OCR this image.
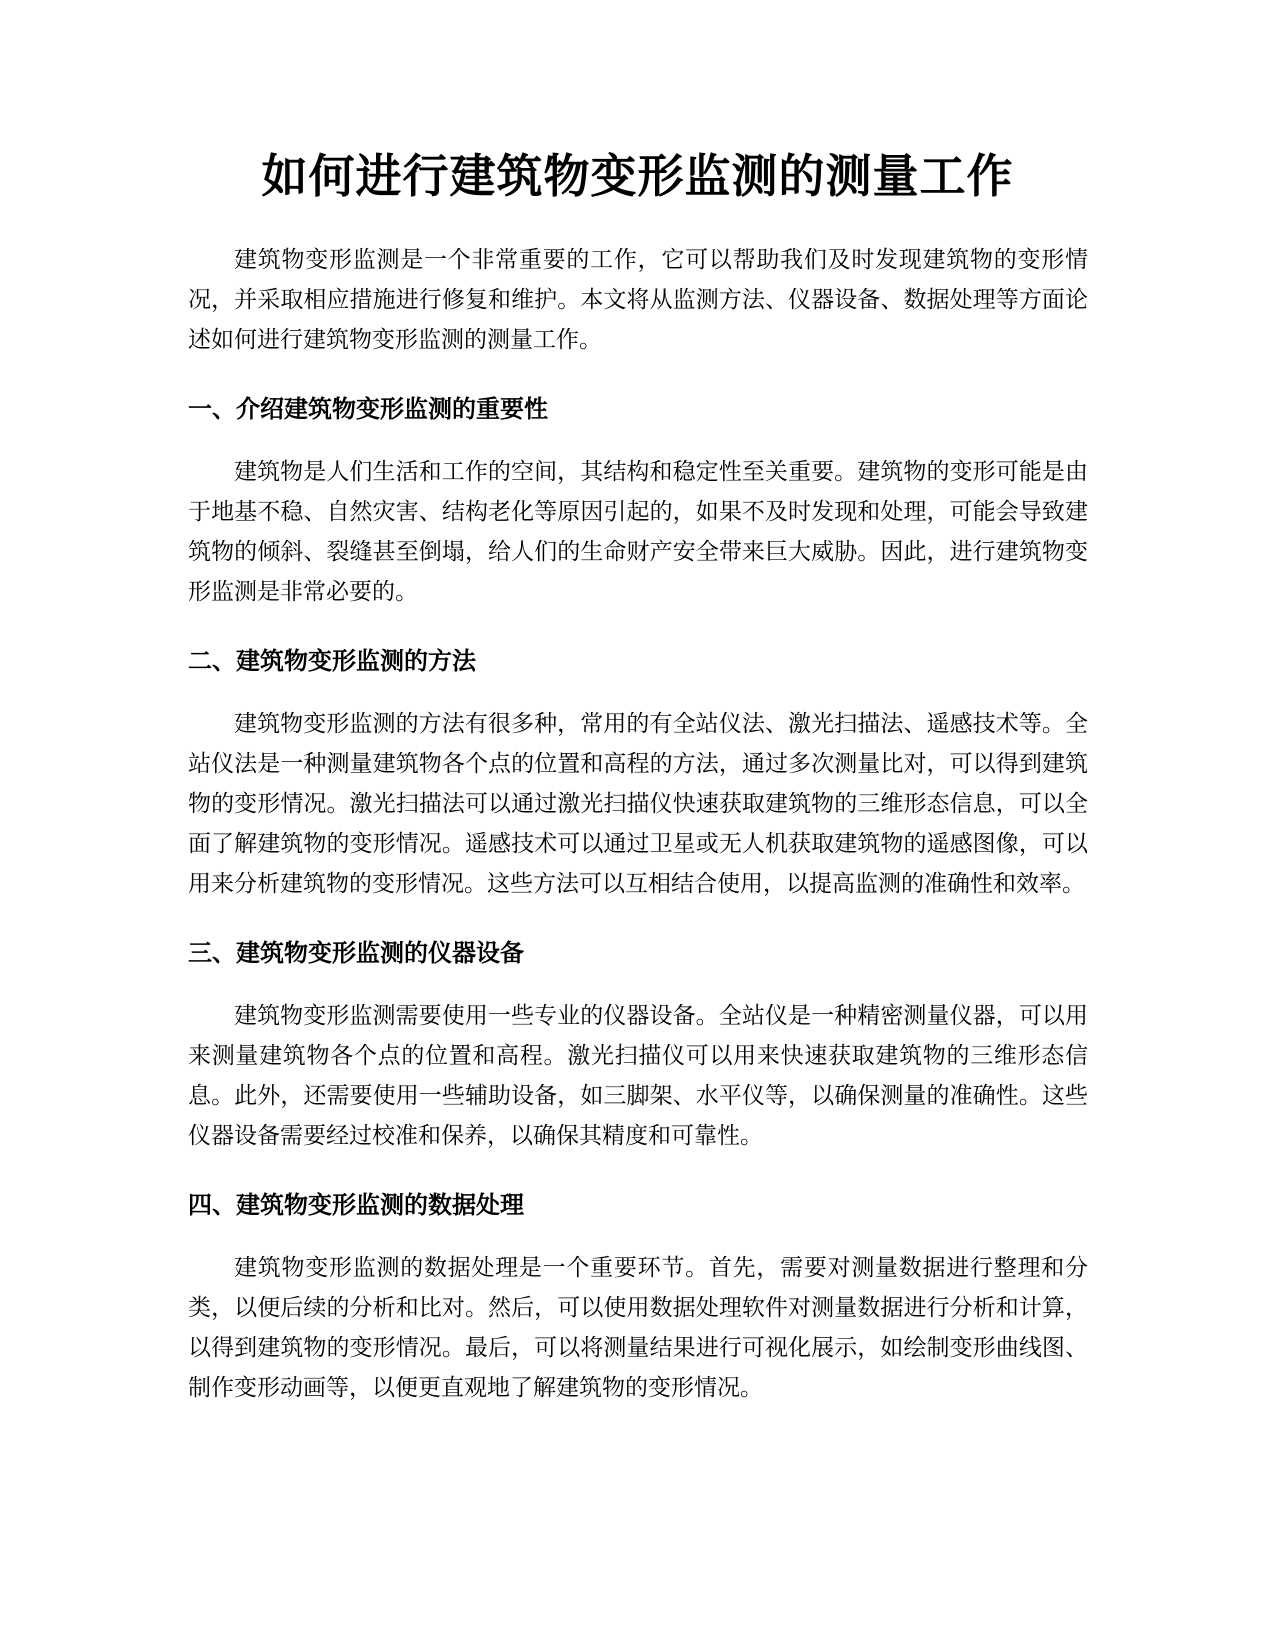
如何进行建筑物变形监测的测量工作

建筑物变形监测是一个非常重要的工作，它可以帮助我们及时发现建筑物的变形情况，并采取相应措施进行修复和维护。本文将从监测方法、仪器设备、数据处理等方面论述如何进行建筑物变形监测的测量工作。

一、介绍建筑物变形监测的重要性

建筑物是人们生活和工作的空间，其结构和稳定性至关重要。建筑物的变形可能是由于地基不稳、自然灾害、结构老化等原因引起的，如果不及时发现和处理，可能会导致建筑物的倾斜、裂缝甚至倒塌，给人们的生命财产安全带来巨大威胁。因此，进行建筑物变形监测是非常必要的。

二、建筑物变形监测的方法

建筑物变形监测的方法有很多种，常用的有全站仪法、激光扫描法、遥感技术等。全站仪法是一种测量建筑物各个点的位置和高程的方法，通过多次测量比对，可以得到建筑物的变形情况。激光扫描法可以通过激光扫描仪快速获取建筑物的三维形态信息，可以全面了解建筑物的变形情况。遥感技术可以通过卫星或无人机获取建筑物的遥感图像，可以用来分析建筑物的变形情况。这些方法可以互相结合使用，以提高监测的准确性和效率。

三、建筑物变形监测的仪器设备

建筑物变形监测需要使用一些专业的仪器设备。全站仪是一种精密测量仪器，可以用来测量建筑物各个点的位置和高程。激光扫描仪可以用来快速获取建筑物的三维形态信息。此外，还需要使用一些辅助设备，如三脚架、水平仪等，以确保测量的准确性。这些仪器设备需要经过校准和保养，以确保其精度和可靠性。

四、建筑物变形监测的数据处理

建筑物变形监测的数据处理是一个重要环节。首先，需要对测量数据进行整理和分类，以便后续的分析和比对。然后，可以使用数据处理软件对测量数据进行分析和计算，以得到建筑物的变形情况。最后，可以将测量结果进行可视化展示，如绘制变形曲线图、制作变形动画等，以便更直观地了解建筑物的变形情况。
